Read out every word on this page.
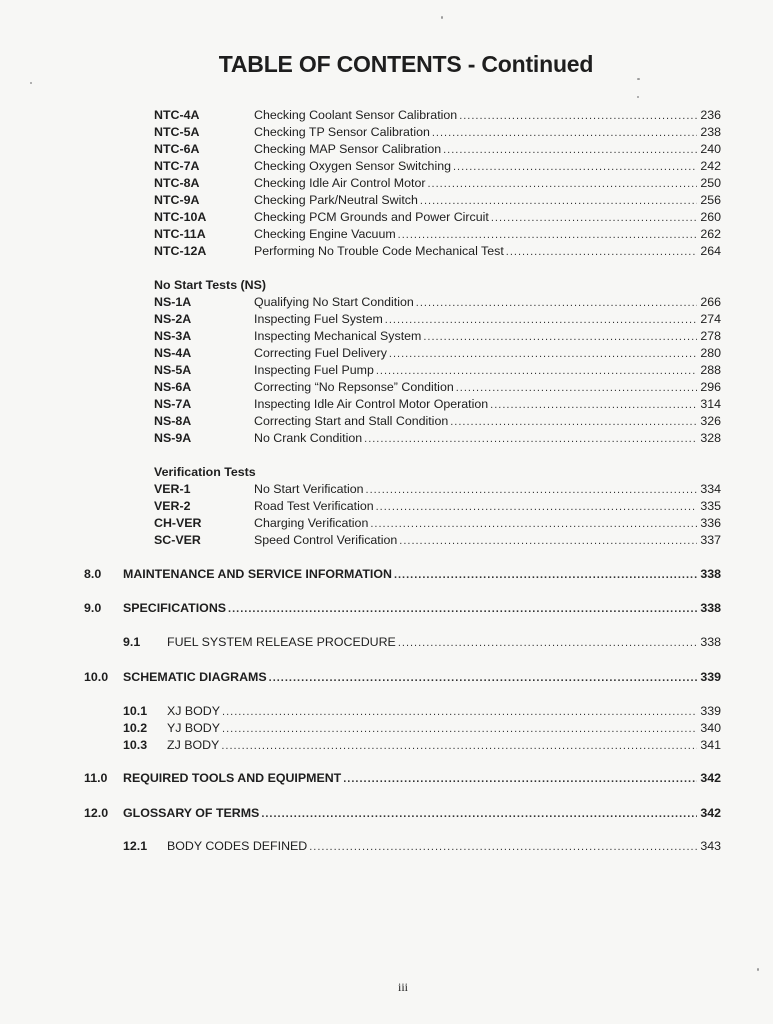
TABLE OF CONTENTS - Continued
NTC-4A	Checking Coolant Sensor Calibration .....	236
NTC-5A	Checking TP Sensor Calibration .....	238
NTC-6A	Checking MAP Sensor Calibration .....	240
NTC-7A	Checking Oxygen Sensor Switching .....	242
NTC-8A	Checking Idle Air Control Motor .....	250
NTC-9A	Checking Park/Neutral Switch .....	256
NTC-10A	Checking PCM Grounds and Power Circuit .....	260
NTC-11A	Checking Engine Vacuum .....	262
NTC-12A	Performing No Trouble Code Mechanical Test .....	264
No Start Tests (NS)
NS-1A	Qualifying No Start Condition .....	266
NS-2A	Inspecting Fuel System .....	274
NS-3A	Inspecting Mechanical System .....	278
NS-4A	Correcting Fuel Delivery .....	280
NS-5A	Inspecting Fuel Pump .....	288
NS-6A	Correcting “No Repsonse” Condition .....	296
NS-7A	Inspecting Idle Air Control Motor Operation .....	314
NS-8A	Correcting Start and Stall Condition .....	326
NS-9A	No Crank Condition .....	328
Verification Tests
VER-1	No Start Verification .....	334
VER-2	Road Test Verification .....	335
CH-VER	Charging Verification .....	336
SC-VER	Speed Control Verification .....	337
8.0	MAINTENANCE AND SERVICE INFORMATION .....	338
9.0	SPECIFICATIONS .....	338
9.1	FUEL SYSTEM RELEASE PROCEDURE .....	338
10.0	SCHEMATIC DIAGRAMS .....	339
10.1	XJ BODY .....	339
10.2	YJ BODY .....	340
10.3	ZJ BODY .....	341
11.0	REQUIRED TOOLS AND EQUIPMENT .....	342
12.0	GLOSSARY OF TERMS .....	342
12.1	BODY CODES DEFINED .....	343
iii
